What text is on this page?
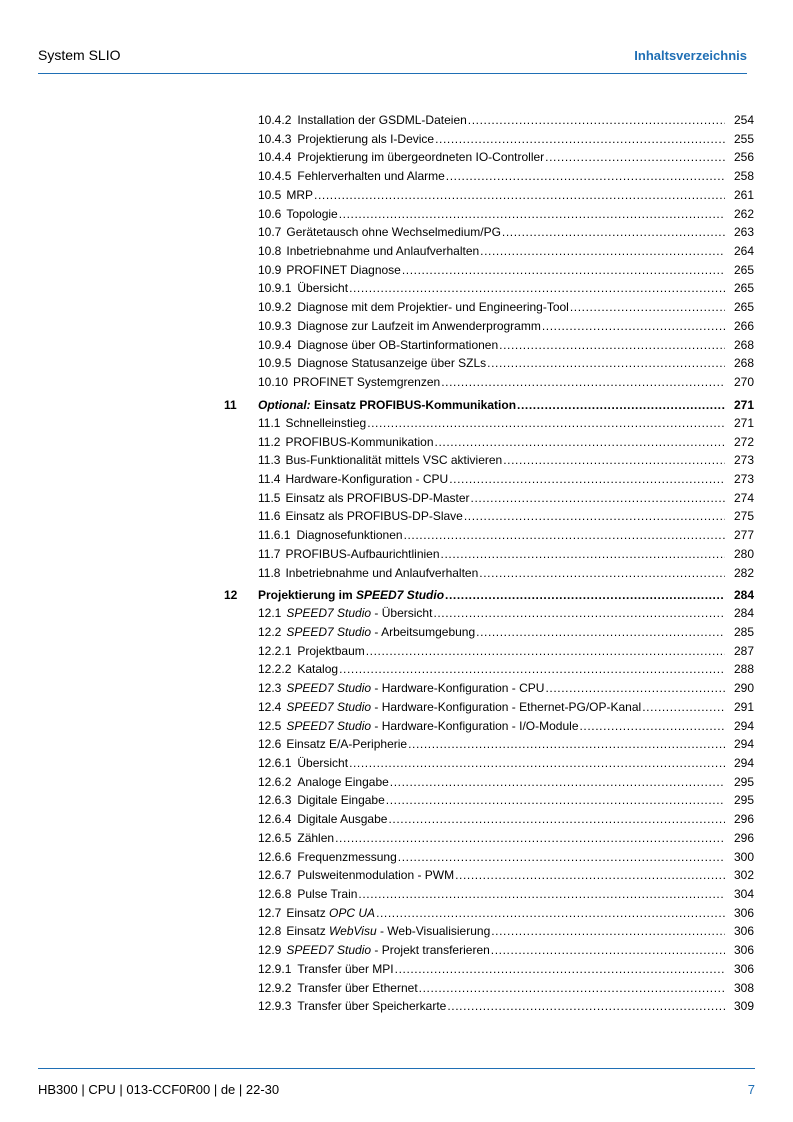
System SLIO	Inhaltsverzeichnis
10.4.2 Installation der GSDML-Dateien .....	254
10.4.3 Projektierung als I-Device .....	255
10.4.4 Projektierung im übergeordneten IO-Controller .....	256
10.4.5 Fehlerverhalten und Alarme .....	258
10.5 MRP .....	261
10.6 Topologie .....	262
10.7 Gerätetausch ohne Wechselmedium/PG .....	263
10.8 Inbetriebnahme und Anlaufverhalten .....	264
10.9 PROFINET Diagnose .....	265
10.9.1 Übersicht .....	265
10.9.2 Diagnose mit dem Projektier- und Engineering-Tool .....	265
10.9.3 Diagnose zur Laufzeit im Anwenderprogramm .....	266
10.9.4 Diagnose über OB-Startinformationen .....	268
10.9.5 Diagnose Statusanzeige über SZLs .....	268
10.10 PROFINET Systemgrenzen .....	270
11	Optional: Einsatz PROFIBUS-Kommunikation .....	271
11.1 Schnelleinstieg .....	271
11.2 PROFIBUS-Kommunikation .....	272
11.3 Bus-Funktionalität mittels VSC aktivieren .....	273
11.4 Hardware-Konfiguration - CPU .....	273
11.5 Einsatz als PROFIBUS-DP-Master .....	274
11.6 Einsatz als PROFIBUS-DP-Slave .....	275
11.6.1 Diagnosefunktionen .....	277
11.7 PROFIBUS-Aufbaurichtlinien .....	280
11.8 Inbetriebnahme und Anlaufverhalten .....	282
12	Projektierung im SPEED7 Studio .....	284
12.1 SPEED7 Studio - Übersicht .....	284
12.2 SPEED7 Studio - Arbeitsumgebung .....	285
12.2.1 Projektbaum .....	287
12.2.2 Katalog .....	288
12.3 SPEED7 Studio - Hardware-Konfiguration - CPU .....	290
12.4 SPEED7 Studio - Hardware-Konfiguration - Ethernet-PG/OP-Kanal .....	291
12.5 SPEED7 Studio - Hardware-Konfiguration - I/O-Module .....	294
12.6 Einsatz E/A-Peripherie .....	294
12.6.1 Übersicht .....	294
12.6.2 Analoge Eingabe .....	295
12.6.3 Digitale Eingabe .....	295
12.6.4 Digitale Ausgabe .....	296
12.6.5 Zählen .....	296
12.6.6 Frequenzmessung .....	300
12.6.7 Pulsweitenmodulation - PWM .....	302
12.6.8 Pulse Train .....	304
12.7 Einsatz OPC UA .....	306
12.8 Einsatz WebVisu - Web-Visualisierung .....	306
12.9 SPEED7 Studio - Projekt transferieren .....	306
12.9.1 Transfer über MPI .....	306
12.9.2 Transfer über Ethernet .....	308
12.9.3 Transfer über Speicherkarte .....	309
HB300 | CPU | 013-CCF0R00 | de | 22-30	7
